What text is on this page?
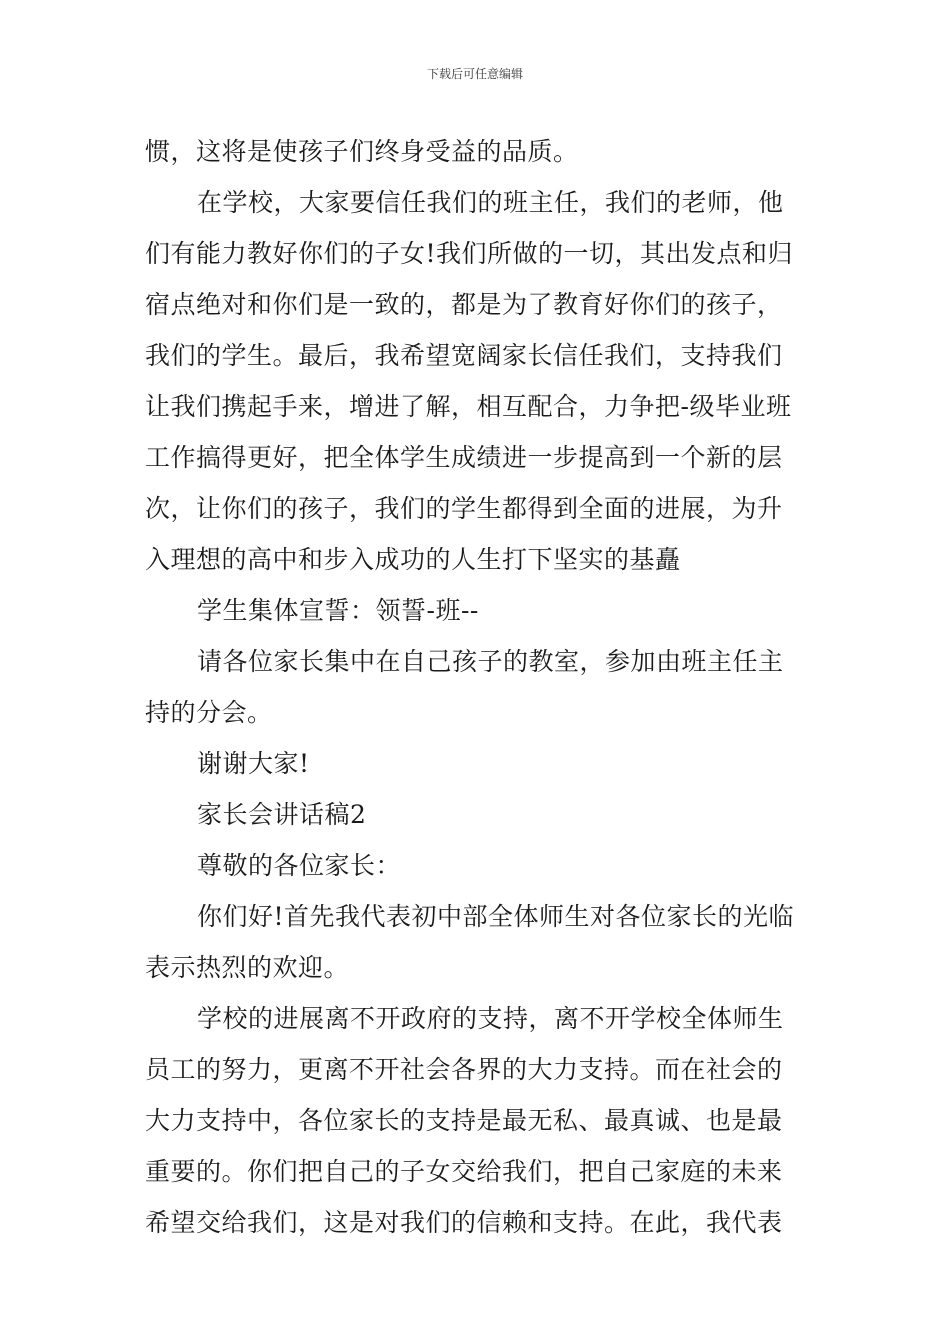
下载后可任意编辑

惯，这将是使孩子们终身受益的品质。

在学校，大家要信任我们的班主任，我们的老师，他

们有能力教好你们的子女!我们所做的一切，其出发点和归

宿点绝对和你们是一致的，都是为了教育好你们的孩子，

我们的学生。最后，我希望宽阔家长信任我们，支持我们

让我们携起手来，增进了解，相互配合，力争把-级毕业班

工作搞得更好，把全体学生成绩进一步提高到一个新的层

次，让你们的孩子，我们的学生都得到全面的进展，为升

入理想的高中和步入成功的人生打下坚实的基矗

学生集体宣誓：领誓-班--

请各位家长集中在自己孩子的教室，参加由班主任主

持的分会。

谢谢大家!

家长会讲话稿2

尊敬的各位家长：

你们好!首先我代表初中部全体师生对各位家长的光临

表示热烈的欢迎。

学校的进展离不开政府的支持，离不开学校全体师生

员工的努力，更离不开社会各界的大力支持。而在社会的

大力支持中，各位家长的支持是最无私、最真诚、也是最

重要的。你们把自己的子女交给我们，把自己家庭的未来

希望交给我们，这是对我们的信赖和支持。在此，我代表
